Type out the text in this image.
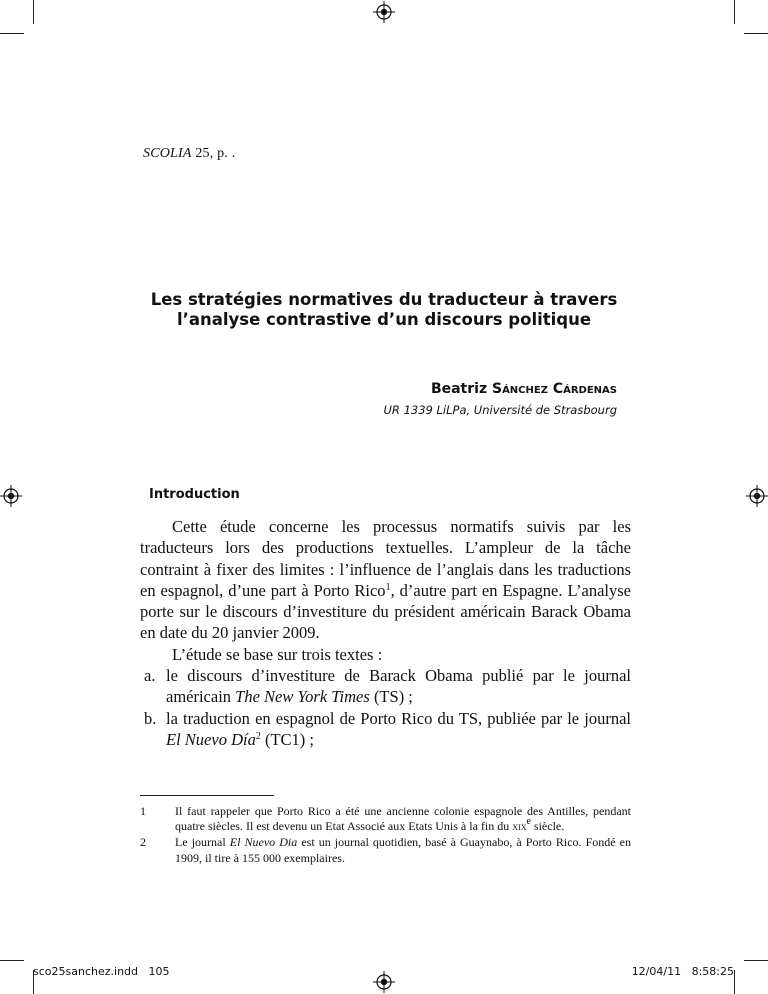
SCOLIA 25, p. .
Les stratégies normatives du traducteur à travers
l’analyse contrastive d’un discours politique
Beatriz Sánchez Cárdenas
UR 1339 LiLPa, Université de Strasbourg
Introduction

Cette étude concerne les processus normatifs suivis par les traducteurs lors des productions textuelles. L’ampleur de la tâche contraint à fixer des limites : l’influence de l’anglais dans les traductions en espagnol, d’une part à Porto Rico$^1$, d’autre part en Espagne. L’analyse porte sur le discours d’investiture du président américain Barack Obama en date du 20 janvier 2009.

L’étude se base sur trois textes :

a. le discours d’investiture de Barack Obama publié par le journal américain The New York Times (TS) ;
b. la traduction en espagnol de Porto Rico du TS, publiée par le journal El Nuevo Día$^2$ (TC1) ;
1 Il faut rappeler que Porto Rico a été une ancienne colonie espagnole des Antilles, pendant quatre siècles. Il est devenu un Etat Associé aux Etats Unis à la fin du xix$^e$ siècle.
2 Le journal El Nuevo Dia est un journal quotidien, basé à Guaynabo, à Porto Rico. Fondé en 1909, il tire à 155 000 exemplaires.
sco25sanchez.indd   105	12/04/11   8:58:25
